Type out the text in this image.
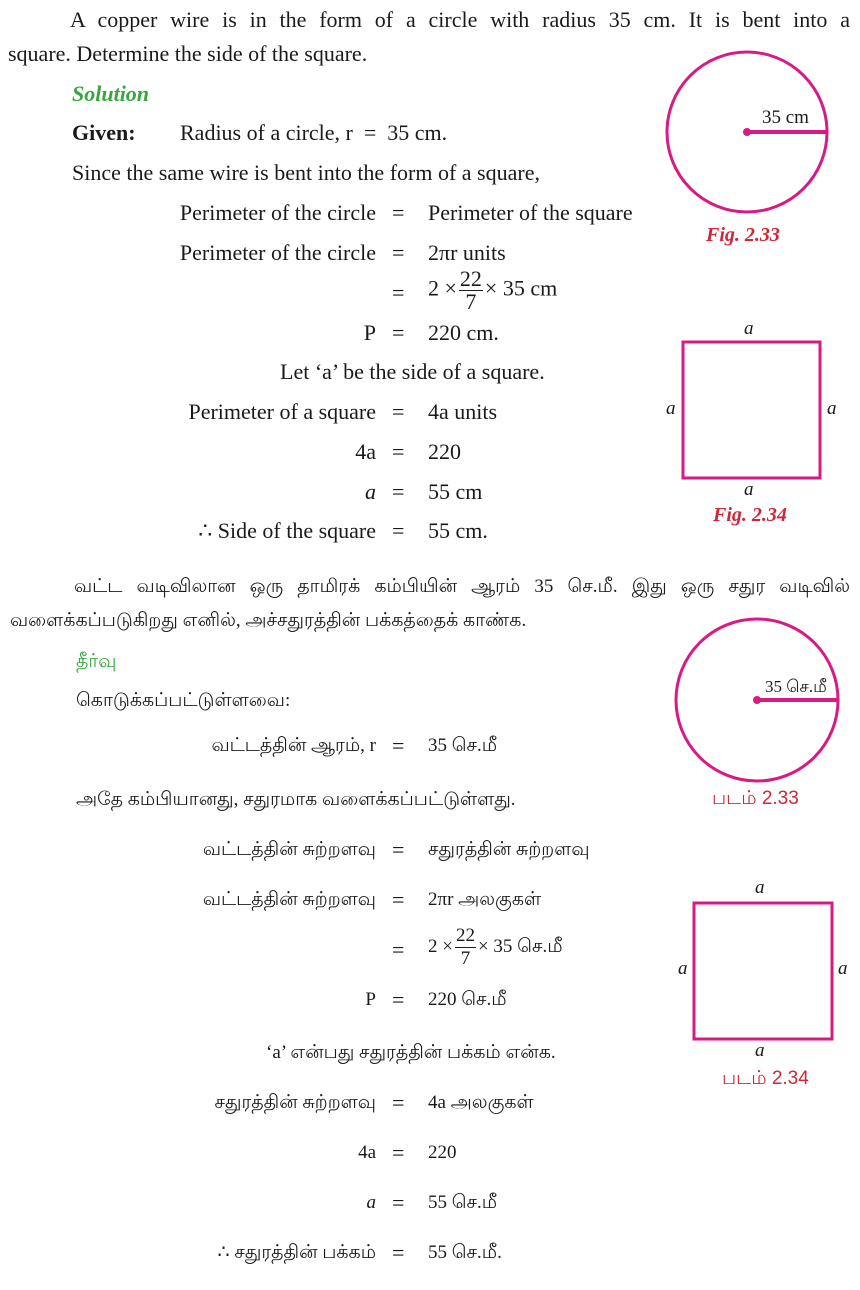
A copper wire is in the form of a circle with radius 35 cm. It is bent into a
square. Determine the side of the square.
Solution
Given: Radius of a circle, r  =  35 cm.
Since the same wire is bent into the form of a square,
Perimeter of the circle = Perimeter of the square
Perimeter of the circle = 2πr units
= $2 \times \frac{22}{7} \times 35$ cm
P = 220 cm.
Let ‘a’ be the side of a square.
Perimeter of a square = 4a units
4a = 220
a = 55 cm
∴ Side of the square = 55 cm.
35 cm
Fig. 2.33
a
a	a
a
Fig. 2.34
வட்ட வடிவிலான ஒரு தாமிரக் கம்பியின் ஆரம் 35 செ.மீ. இது ஒரு சதுர வடிவில்
வளைக்கப்படுகிறது எனில், அச்சதுரத்தின் பக்கத்தைக் காண்க.
தீர்வு
கொடுக்கப்பட்டுள்ளவை:
வட்டத்தின் ஆரம், r = 35 செ.மீ
அதே கம்பியானது, சதுரமாக வளைக்கப்பட்டுள்ளது.
வட்டத்தின் சுற்றளவு = சதுரத்தின் சுற்றளவு
வட்டத்தின் சுற்றளவு = 2πr அலகுகள்
= $2 \times \frac{22}{7} \times 35$ செ.மீ
P = 220 செ.மீ
‘a’ என்பது சதுரத்தின் பக்கம் என்க.
சதுரத்தின் சுற்றளவு = 4a அலகுகள்
4a = 220
a = 55 செ.மீ
∴ சதுரத்தின் பக்கம் = 55 செ.மீ.
35 செ.மீ
படம் 2.33
a
a	a
a
படம் 2.34
